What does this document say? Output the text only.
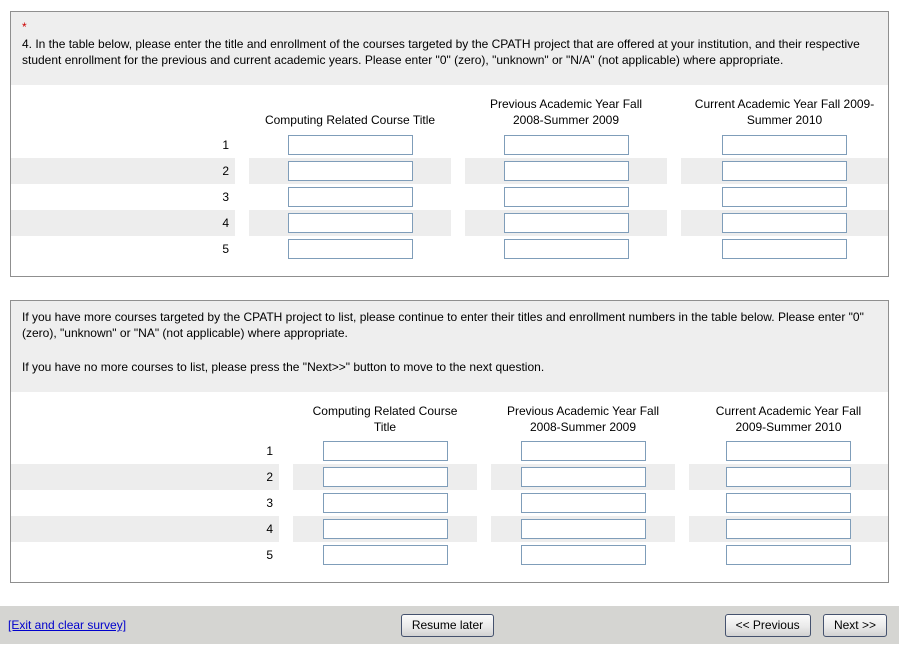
*
4. In the table below, please enter the title and enrollment of the courses targeted by the CPATH project that are offered at your institution, and their respective student enrollment for the previous and current academic years. Please enter "0" (zero), "unknown" or "N/A" (not applicable) where appropriate.
		Computing Related Course Title		Previous Academic Year Fall 2008-Summer 2009		Current Academic Year Fall 2009-Summer 2010
1		

2		

3		

4		

5		

If you have more courses targeted by the CPATH project to list, please continue to enter their titles and enrollment numbers in the table below. Please enter "0" (zero), "unknown" or "NA" (not applicable) where appropriate.
If you have no more courses to list, please press the "Next>>" button to move to the next question.
		Computing Related Course Title		Previous Academic Year Fall 2008-Summer 2009		Current Academic Year Fall 2009-Summer 2010
1		

2		

3		

4		

5		

[Exit and clear survey]	Resume later	<< Previous	Next >>
